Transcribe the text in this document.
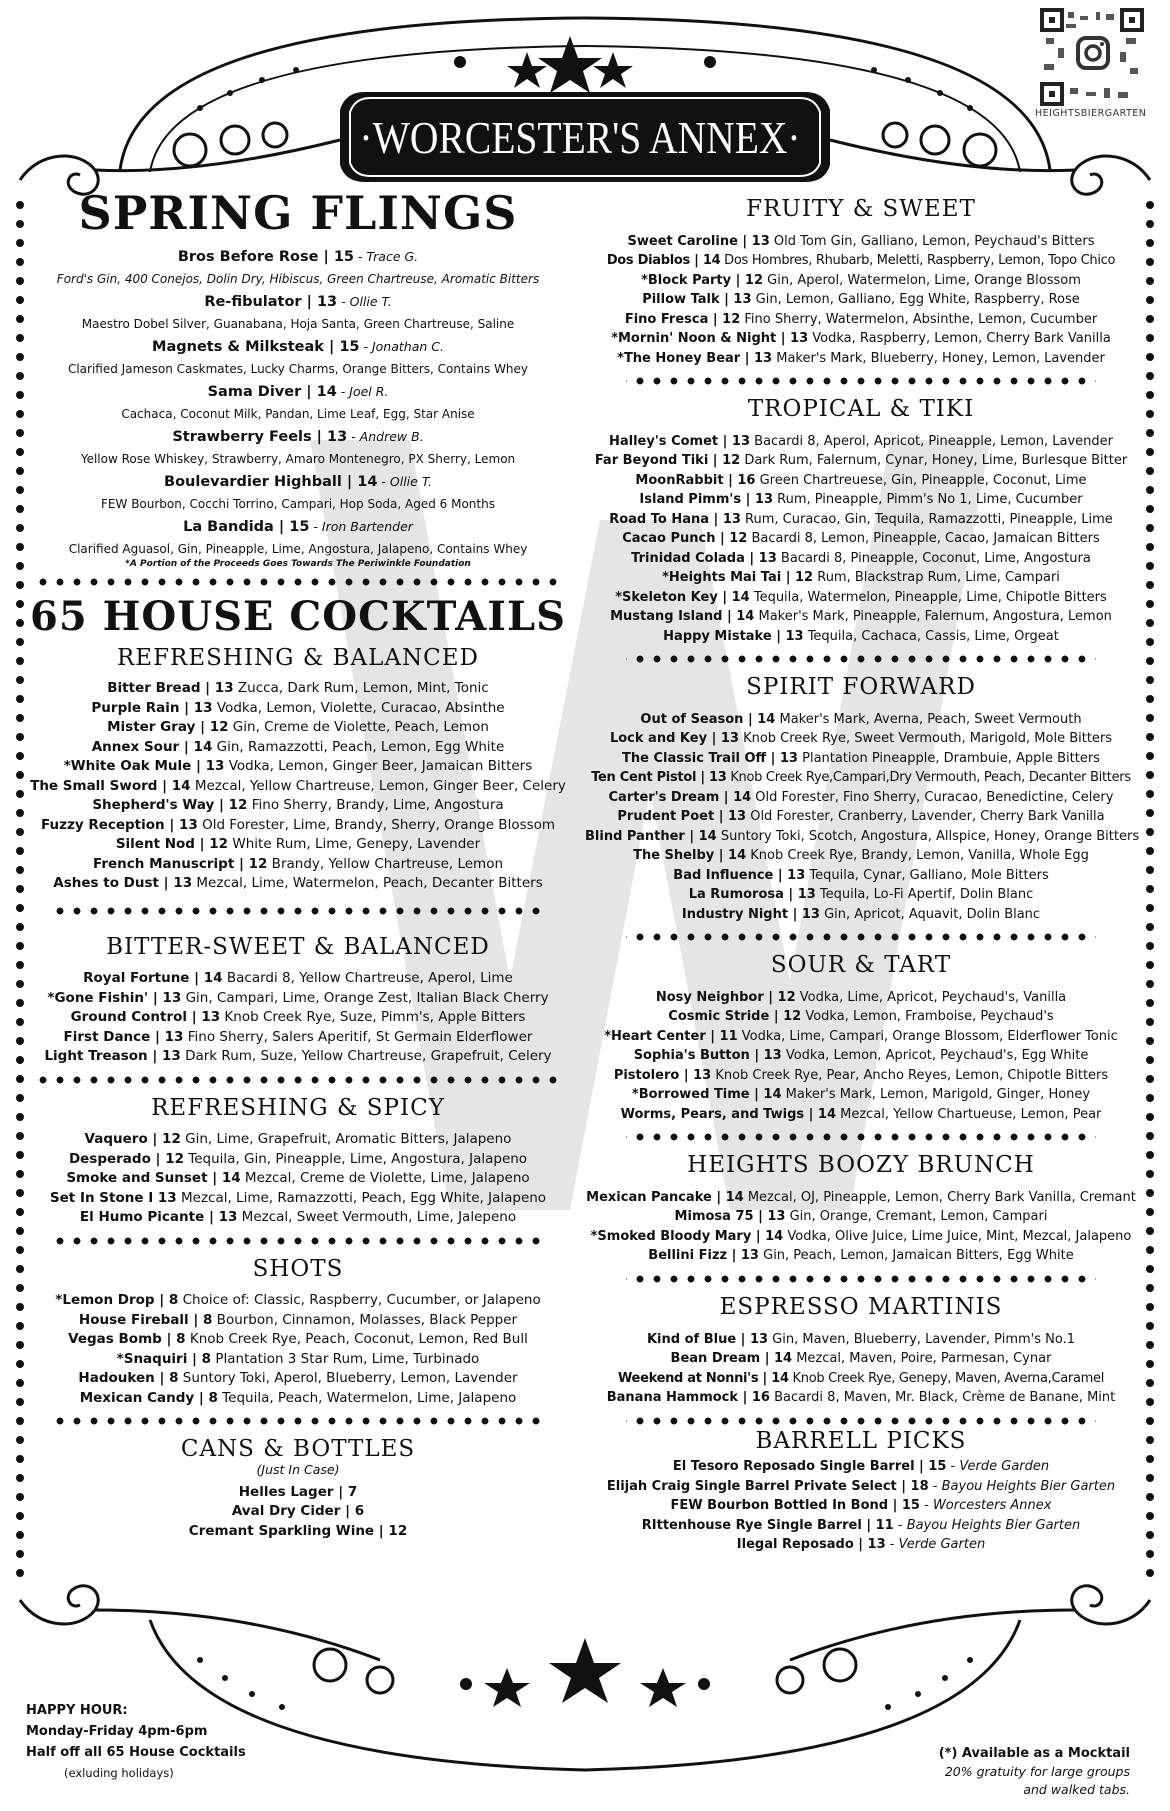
·WORCESTER'S ANNEX·	HEIGHTSBIERGARTEN
SPRING FLINGS
Bros Before Rose | 15 - Trace G.
Ford's Gin, 400 Conejos, Dolin Dry, Hibiscus, Green Chartreuse, Aromatic Bitters
Re-fibulator | 13 - Ollie T.
Maestro Dobel Silver, Guanabana, Hoja Santa, Green Chartreuse, Saline
Magnets & Milksteak | 15 - Jonathan C.
Clarified Jameson Caskmates, Lucky Charms, Orange Bitters, Contains Whey
Sama Diver | 14 - Joel R.
Cachaca, Coconut Milk, Pandan, Lime Leaf, Egg, Star Anise
Strawberry Feels | 13 - Andrew B.
Yellow Rose Whiskey, Strawberry, Amaro Montenegro, PX Sherry, Lemon
Boulevardier Highball | 14 - Ollie T.
FEW Bourbon, Cocchi Torrino, Campari, Hop Soda, Aged 6 Months
La Bandida | 15 - Iron Bartender
Clarified Aguasol, Gin, Pineapple, Lime, Angostura, Jalapeno, Contains Whey
*A Portion of the Proceeds Goes Towards The Periwinkle Foundation
65 HOUSE COCKTAILS
REFRESHING & BALANCED
Bitter Bread | 13 Zucca, Dark Rum, Lemon, Mint, Tonic
Purple Rain | 13 Vodka, Lemon, Violette, Curacao, Absinthe
Mister Gray | 12 Gin, Creme de Violette, Peach, Lemon
Annex Sour | 14 Gin, Ramazzotti, Peach, Lemon, Egg White
*White Oak Mule | 13 Vodka, Lemon, Ginger Beer, Jamaican Bitters
The Small Sword | 14 Mezcal, Yellow Chartreuse, Lemon, Ginger Beer, Celery
Shepherd's Way | 12 Fino Sherry, Brandy, Lime, Angostura
Fuzzy Reception | 13 Old Forester, Lime, Brandy, Sherry, Orange Blossom
Silent Nod | 12 White Rum, Lime, Genepy, Lavender
French Manuscript | 12 Brandy, Yellow Chartreuse, Lemon
Ashes to Dust | 13 Mezcal, Lime, Watermelon, Peach, Decanter Bitters
BITTER-SWEET & BALANCED
Royal Fortune | 14 Bacardi 8, Yellow Chartreuse, Aperol, Lime
*Gone Fishin' | 13 Gin, Campari, Lime, Orange Zest, Italian Black Cherry
Ground Control | 13 Knob Creek Rye, Suze, Pimm's, Apple Bitters
First Dance | 13 Fino Sherry, Salers Aperitif, St Germain Elderflower
Light Treason | 13 Dark Rum, Suze, Yellow Chartreuse, Grapefruit, Celery
REFRESHING & SPICY
Vaquero | 12 Gin, Lime, Grapefruit, Aromatic Bitters, Jalapeno
Desperado | 12 Tequila, Gin, Pineapple, Lime, Angostura, Jalapeno
Smoke and Sunset | 14 Mezcal, Creme de Violette, Lime, Jalapeno
Set In Stone I 13 Mezcal, Lime, Ramazzotti, Peach, Egg White, Jalapeno
El Humo Picante | 13 Mezcal, Sweet Vermouth, Lime, Jalepeno
SHOTS
*Lemon Drop | 8 Choice of: Classic, Raspberry, Cucumber, or Jalapeno
House Fireball | 8 Bourbon, Cinnamon, Molasses, Black Pepper
Vegas Bomb | 8 Knob Creek Rye, Peach, Coconut, Lemon, Red Bull
*Snaquiri | 8 Plantation 3 Star Rum, Lime, Turbinado
Hadouken | 8 Suntory Toki, Aperol, Blueberry, Lemon, Lavender
Mexican Candy | 8 Tequila, Peach, Watermelon, Lime, Jalapeno
CANS & BOTTLES
(Just In Case)
Helles Lager | 7
Aval Dry Cider | 6
Cremant Sparkling Wine | 12
FRUITY & SWEET
Sweet Caroline | 13 Old Tom Gin, Galliano, Lemon, Peychaud's Bitters
Dos Diablos | 14 Dos Hombres, Rhubarb, Meletti, Raspberry, Lemon, Topo Chico
*Block Party | 12 Gin, Aperol, Watermelon, Lime, Orange Blossom
Pillow Talk | 13 Gin, Lemon, Galliano, Egg White, Raspberry, Rose
Fino Fresca | 12 Fino Sherry, Watermelon, Absinthe, Lemon, Cucumber
*Mornin' Noon & Night | 13 Vodka, Raspberry, Lemon, Cherry Bark Vanilla
*The Honey Bear | 13 Maker's Mark, Blueberry, Honey, Lemon, Lavender
TROPICAL & TIKI
Halley's Comet | 13 Bacardi 8, Aperol, Apricot, Pineapple, Lemon, Lavender
Far Beyond Tiki | 12 Dark Rum, Falernum, Cynar, Honey, Lime, Burlesque Bitter
MoonRabbit | 16 Green Chartreuese, Gin, Pineapple, Coconut, Lime
Island Pimm's | 13 Rum, Pineapple, Pimm's No 1, Lime, Cucumber
Road To Hana | 13 Rum, Curacao, Gin, Tequila, Ramazzotti, Pineapple, Lime
Cacao Punch | 12 Bacardi 8, Lemon, Pineapple, Cacao, Jamaican Bitters
Trinidad Colada | 13 Bacardi 8, Pineapple, Coconut, Lime, Angostura
*Heights Mai Tai | 12 Rum, Blackstrap Rum, Lime, Campari
*Skeleton Key | 14 Tequila, Watermelon, Pineapple, Lime, Chipotle Bitters
Mustang Island | 14 Maker's Mark, Pineapple, Falernum, Angostura, Lemon
Happy Mistake | 13 Tequila, Cachaca, Cassis, Lime, Orgeat
SPIRIT FORWARD
Out of Season | 14 Maker's Mark, Averna, Peach, Sweet Vermouth
Lock and Key | 13 Knob Creek Rye, Sweet Vermouth, Marigold, Mole Bitters
The Classic Trail Off | 13 Plantation Pineapple, Drambuie, Apple Bitters
Ten Cent Pistol | 13 Knob Creek Rye,Campari,Dry Vermouth, Peach, Decanter Bitters
Carter's Dream | 14 Old Forester, Fino Sherry, Curacao, Benedictine, Celery
Prudent Poet | 13 Old Forester, Cranberry, Lavender, Cherry Bark Vanilla
Blind Panther | 14 Suntory Toki, Scotch, Angostura, Allspice, Honey, Orange Bitters
The Shelby | 14 Knob Creek Rye, Brandy, Lemon, Vanilla, Whole Egg
Bad Influence | 13 Tequila, Cynar, Galliano, Mole Bitters
La Rumorosa | 13 Tequila, Lo-Fi Apertif, Dolin Blanc
Industry Night | 13 Gin, Apricot, Aquavit, Dolin Blanc
SOUR & TART
Nosy Neighbor | 12 Vodka, Lime, Apricot, Peychaud's, Vanilla
Cosmic Stride | 12 Vodka, Lemon, Framboise, Peychaud's
*Heart Center | 11 Vodka, Lime, Campari, Orange Blossom, Elderflower Tonic
Sophia's Button | 13 Vodka, Lemon, Apricot, Peychaud's, Egg White
Pistolero | 13 Knob Creek Rye, Pear, Ancho Reyes, Lemon, Chipotle Bitters
*Borrowed Time | 14 Maker's Mark, Lemon, Marigold, Ginger, Honey
Worms, Pears, and Twigs | 14 Mezcal, Yellow Chartueuse, Lemon, Pear
HEIGHTS BOOZY BRUNCH
Mexican Pancake | 14 Mezcal, OJ, Pineapple, Lemon, Cherry Bark Vanilla, Cremant
Mimosa 75 | 13 Gin, Orange, Cremant, Lemon, Campari
*Smoked Bloody Mary | 14 Vodka, Olive Juice, Lime Juice, Mint, Mezcal, Jalapeno
Bellini Fizz | 13 Gin, Peach, Lemon, Jamaican Bitters, Egg White
ESPRESSO MARTINIS
Kind of Blue | 13 Gin, Maven, Blueberry, Lavender, Pimm's No.1
Bean Dream | 14 Mezcal, Maven, Poire, Parmesan, Cynar
Weekend at Nonni's | 14 Knob Creek Rye, Genepy, Maven, Averna,Caramel
Banana Hammock | 16 Bacardi 8, Maven, Mr. Black, Crème de Banane, Mint
BARRELL PICKS
El Tesoro Reposado Single Barrel | 15 - Verde Garden
Elijah Craig Single Barrel Private Select | 18 - Bayou Heights Bier Garten
FEW Bourbon Bottled In Bond | 15 - Worcesters Annex
RIttenhouse Rye Single Barrel | 11 - Bayou Heights Bier Garten
Ilegal Reposado | 13 - Verde Garten
HAPPY HOUR:
Monday-Friday 4pm-6pm
Half off all 65 House Cocktails
(exluding holidays)
(*) Available as a Mocktail
20% gratuity for large groups
and walked tabs.
